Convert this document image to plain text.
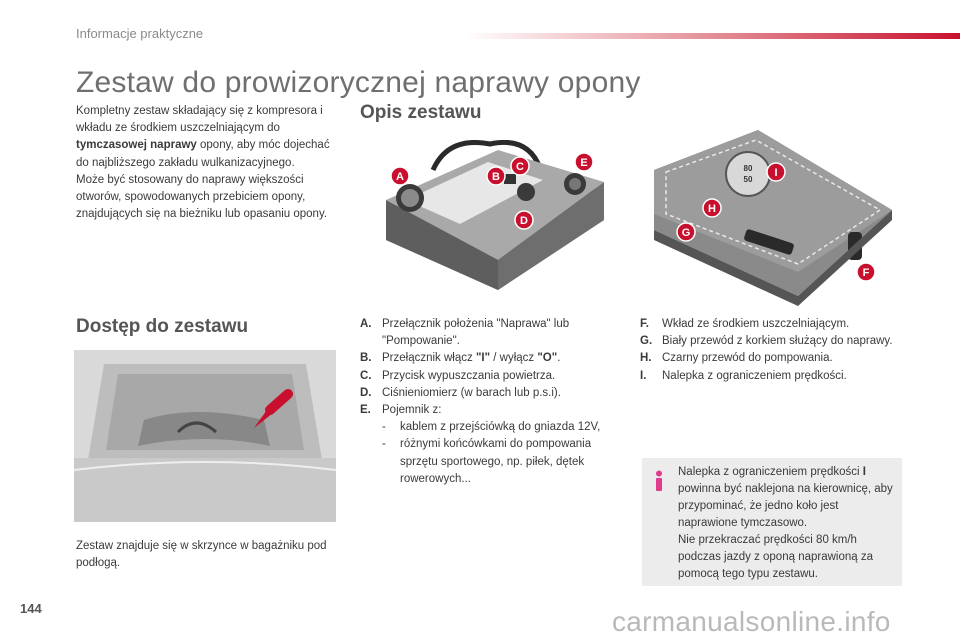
Informacje praktyczne
Zestaw do prowizorycznej naprawy opony

Kompletny zestaw składający się z kompresora i wkładu ze środkiem uszczelniającym do tymczasowej naprawy opony, aby móc dojechać do najbliższego zakładu wulkanizacyjnego.

Może być stosowany do naprawy większości otworów, spowodowanych przebiciem opony, znajdujących się na bieżniku lub opasaniu opony.

Opis zestawu
A	B
C
D
E	80
50
I
H
G
F
Dostęp do zestawu	A. Przełącznik położenia "Naprawa" lub "Pompowanie".
B. Przełącznik włącz "I" / wyłącz "O".
C. Przycisk wypuszczania powietrza.
D. Ciśnieniomierz (w barach lub p.s.i).
E. Pojemnik z:
-	kablem z przejściówką do gniazda 12V,
-	różnymi końcówkami do pompowania sprzętu sportowego, np. piłek, dętek rowerowych...
F.	Wkład ze środkiem uszczelniającym.
G. Biały przewód z korkiem służący do naprawy.
H. Czarny przewód do pompowania.
I.	Nalepka z ograniczeniem prędkości.
Zestaw znajduje się w skrzynce w bagażniku pod podłogą.

Nalepka z ograniczeniem prędkości I powinna być naklejona na kierownicę, aby przypominać, że jedno koło jest naprawione tymczasowo.

Nie przekraczać prędkości 80 km/h podczas jazdy z oponą naprawioną za pomocą tego typu zestawu.

144	carmanualsonline.info
